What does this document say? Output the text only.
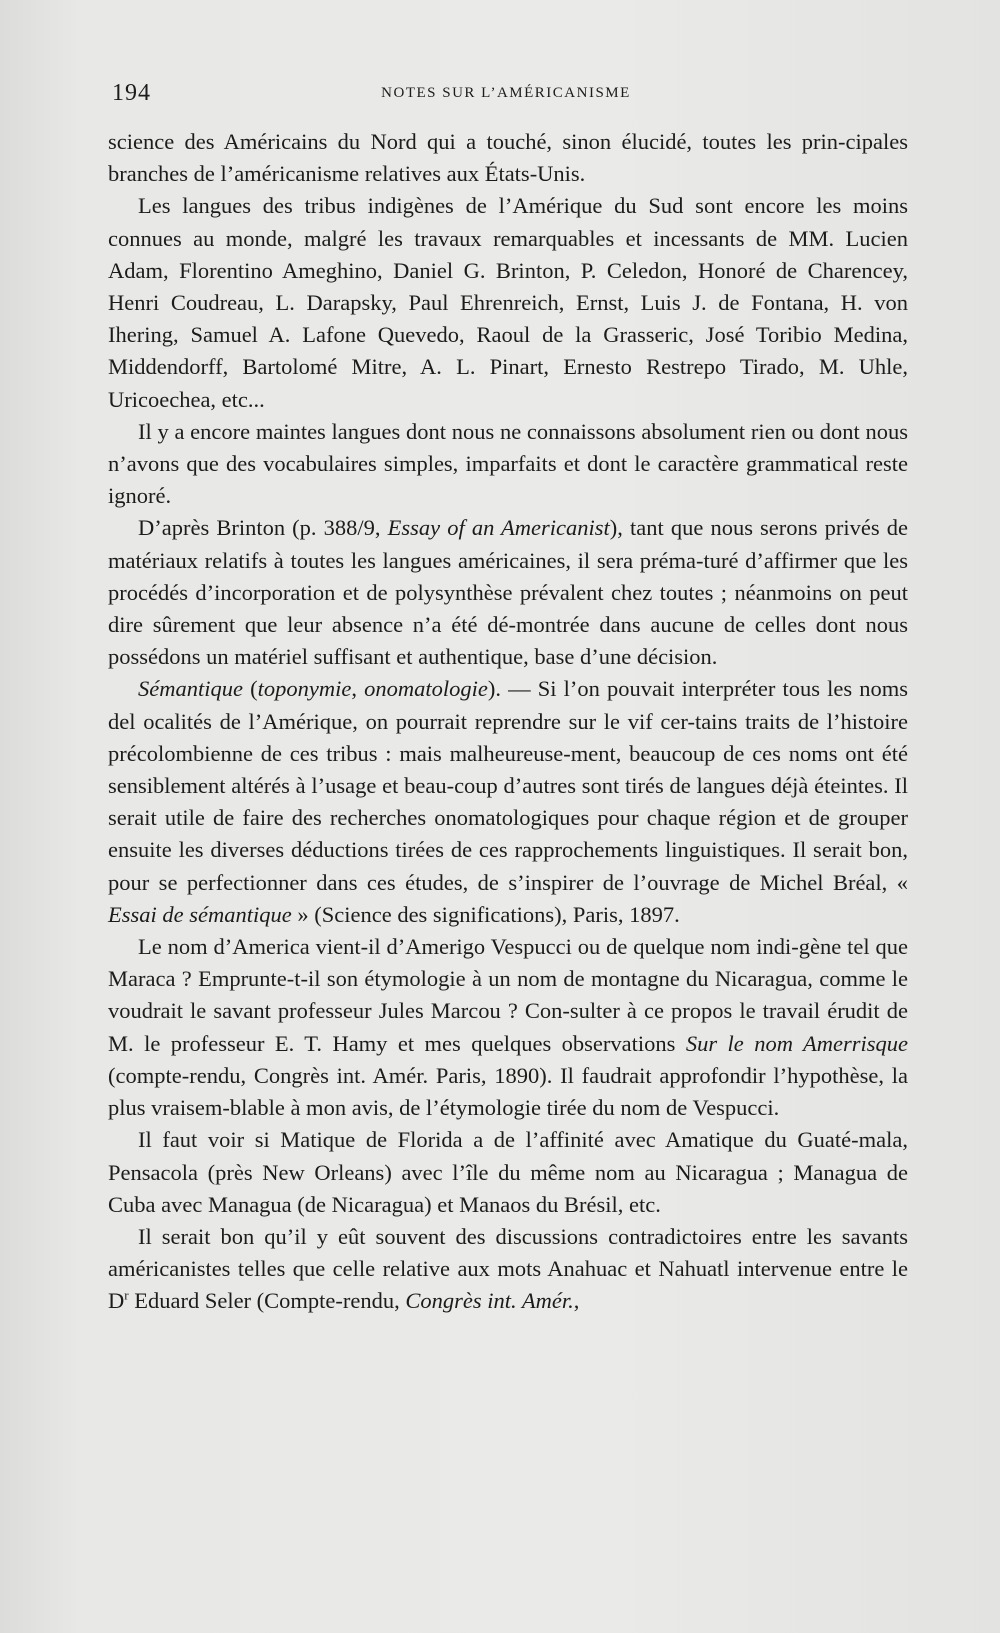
194	NOTES SUR L’AMÉRICANISME

science des Américains du Nord qui a touché, sinon élucidé, toutes les prin-cipales branches de l’américanisme relatives aux États-Unis.

Les langues des tribus indigènes de l’Amérique du Sud sont encore les moins connues au monde, malgré les travaux remarquables et incessants de MM. Lucien Adam, Florentino Ameghino, Daniel G. Brinton, P. Celedon, Honoré de Charencey, Henri Coudreau, L. Darapsky, Paul Ehrenreich, Ernst, Luis J. de Fontana, H. von Ihering, Samuel A. Lafone Quevedo, Raoul de la Grasseric, José Toribio Medina, Middendorff, Bartolomé Mitre, A. L. Pinart, Ernesto Restrepo Tirado, M. Uhle, Uricoechea, etc...

Il y a encore maintes langues dont nous ne connaissons absolument rien ou dont nous n’avons que des vocabulaires simples, imparfaits et dont le caractère grammatical reste ignoré.

D’après Brinton (p. 388/9, Essay of an Americanist), tant que nous serons privés de matériaux relatifs à toutes les langues américaines, il sera préma-turé d’affirmer que les procédés d’incorporation et de polysynthèse prévalent chez toutes ; néanmoins on peut dire sûrement que leur absence n’a été dé-montrée dans aucune de celles dont nous possédons un matériel suffisant et authentique, base d’une décision.

Sémantique (toponymie, onomatologie). — Si l’on pouvait interpréter tous les noms del ocalités de l’Amérique, on pourrait reprendre sur le vif cer-tains traits de l’histoire précolombienne de ces tribus : mais malheureuse-ment, beaucoup de ces noms ont été sensiblement altérés à l’usage et beau-coup d’autres sont tirés de langues déjà éteintes. Il serait utile de faire des recherches onomatologiques pour chaque région et de grouper ensuite les diverses déductions tirées de ces rapprochements linguistiques. Il serait bon, pour se perfectionner dans ces études, de s’inspirer de l’ouvrage de Michel Bréal, « Essai de sémantique » (Science des significations), Paris, 1897.

Le nom d’America vient-il d’Amerigo Vespucci ou de quelque nom indi-gène tel que Maraca ? Emprunte-t-il son étymologie à un nom de montagne du Nicaragua, comme le voudrait le savant professeur Jules Marcou ? Con-sulter à ce propos le travail érudit de M. le professeur E. T. Hamy et mes quelques observations Sur le nom Amerrisque (compte-rendu, Congrès int. Amér. Paris, 1890). Il faudrait approfondir l’hypothèse, la plus vraisem-blable à mon avis, de l’étymologie tirée du nom de Vespucci.

Il faut voir si Matique de Florida a de l’affinité avec Amatique du Guaté-mala, Pensacola (près New Orleans) avec l’île du même nom au Nicaragua ; Managua de Cuba avec Managua (de Nicaragua) et Manaos du Brésil, etc.

Il serait bon qu’il y eût souvent des discussions contradictoires entre les savants américanistes telles que celle relative aux mots Anahuac et Nahuatl intervenue entre le $D^r$ Eduard Seler (Compte-rendu, Congrès int. Amér.,
